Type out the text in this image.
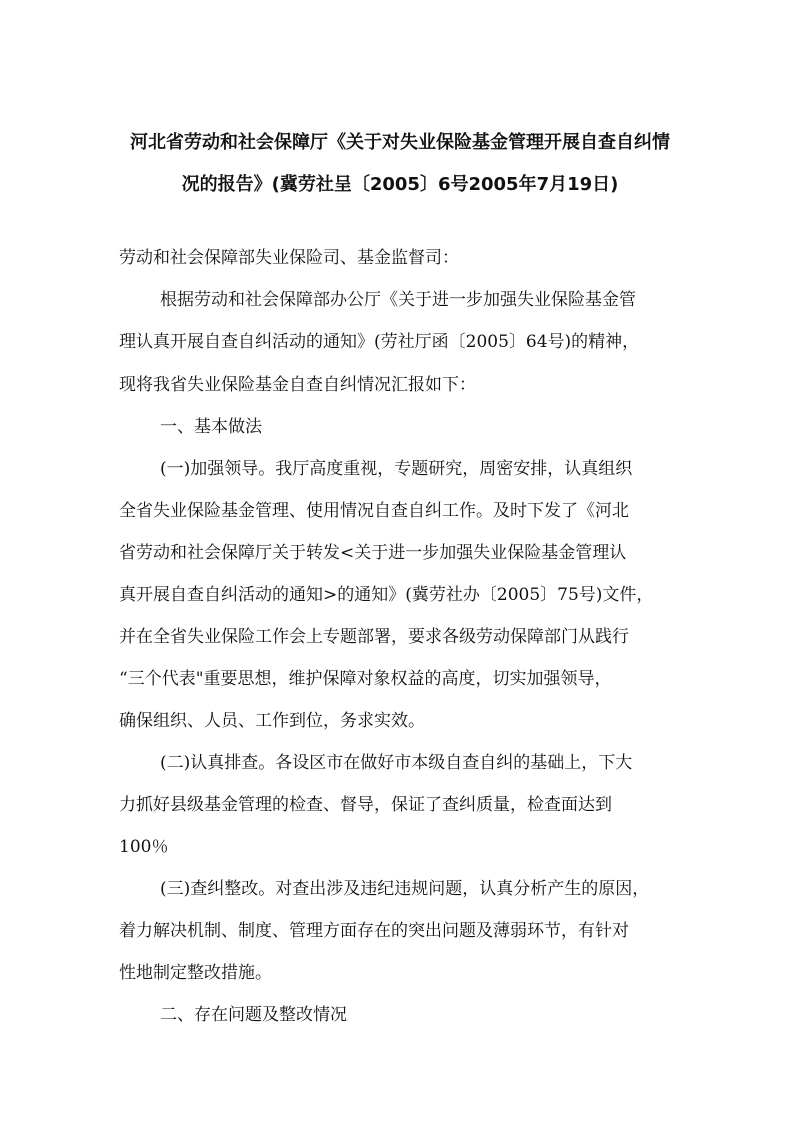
河北省劳动和社会保障厅《关于对失业保险基金管理开展自查自纠情
况的报告》(冀劳社呈〔2005〕6号2005年7月19日)

劳动和社会保障部失业保险司、基金监督司：

根据劳动和社会保障部办公厅《关于进一步加强失业保险基金管

理认真开展自查自纠活动的通知》(劳社厅函〔2005〕64号)的精神，

现将我省失业保险基金自查自纠情况汇报如下：

一、基本做法

(一)加强领导。我厅高度重视，专题研究，周密安排，认真组织

全省失业保险基金管理、使用情况自查自纠工作。及时下发了《河北

省劳动和社会保障厅关于转发<关于进一步加强失业保险基金管理认

真开展自查自纠活动的通知>的通知》(冀劳社办〔2005〕75号)文件，

并在全省失业保险工作会上专题部署，要求各级劳动保障部门从践行

“三个代表"重要思想，维护保障对象权益的高度，切实加强领导，

确保组织、人员、工作到位，务求实效。

(二)认真排查。各设区市在做好市本级自查自纠的基础上，下大

力抓好县级基金管理的检查、督导，保证了查纠质量，检查面达到

100％

(三)查纠整改。对查出涉及违纪违规问题，认真分析产生的原因，

着力解决机制、制度、管理方面存在的突出问题及薄弱环节，有针对

性地制定整改措施。

二、存在问题及整改情况
